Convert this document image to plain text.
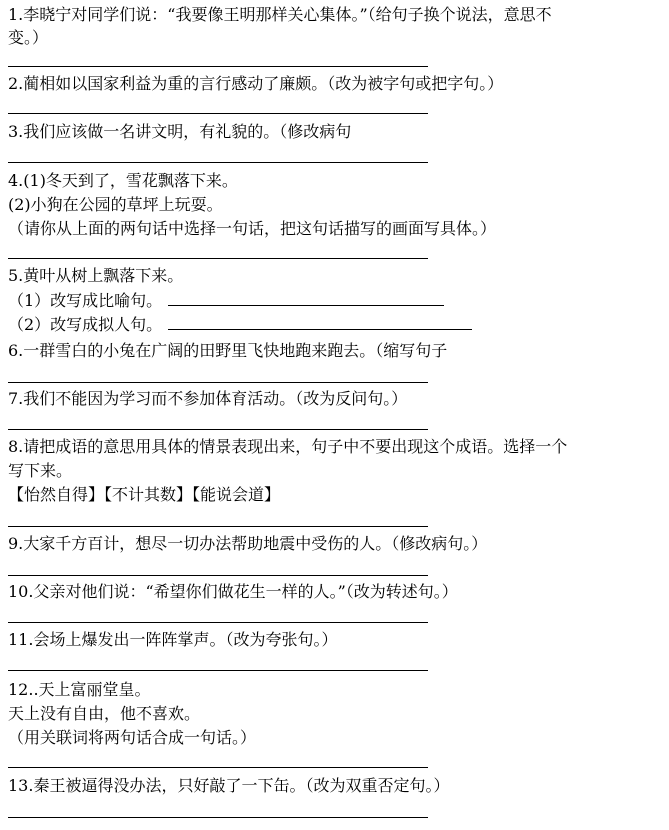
1.李晓宁对同学们说：“我要像王明那样关心集体。”（给句子换个说法，意思不
变。）
2.蔺相如以国家利益为重的言行感动了廉颇。（改为被字句或把字句。）
3.我们应该做一名讲文明，有礼貌的。（修改病句
4.(1)冬天到了，雪花飘落下来。
(2)小狗在公园的草坪上玩耍。
（请你从上面的两句话中选择一句话，把这句话描写的画面写具体。）
5.黄叶从树上飘落下来。
（1）改写成比喻句。
（2）改写成拟人句。
6.一群雪白的小兔在广阔的田野里飞快地跑来跑去。（缩写句子
7.我们不能因为学习而不参加体育活动。（改为反问句。）
8.请把成语的意思用具体的情景表现出来，句子中不要出现这个成语。选择一个
写下来。
【怡然自得】【不计其数】【能说会道】
9.大家千方百计，想尽一切办法帮助地震中受伤的人。（修改病句。）
10.父亲对他们说：“希望你们做花生一样的人。”（改为转述句。）
11.会场上爆发出一阵阵掌声。（改为夸张句。）
12..天上富丽堂皇。
天上没有自由，他不喜欢。
（用关联词将两句话合成一句话。）
13.秦王被逼得没办法，只好敲了一下缶。（改为双重否定句。）
